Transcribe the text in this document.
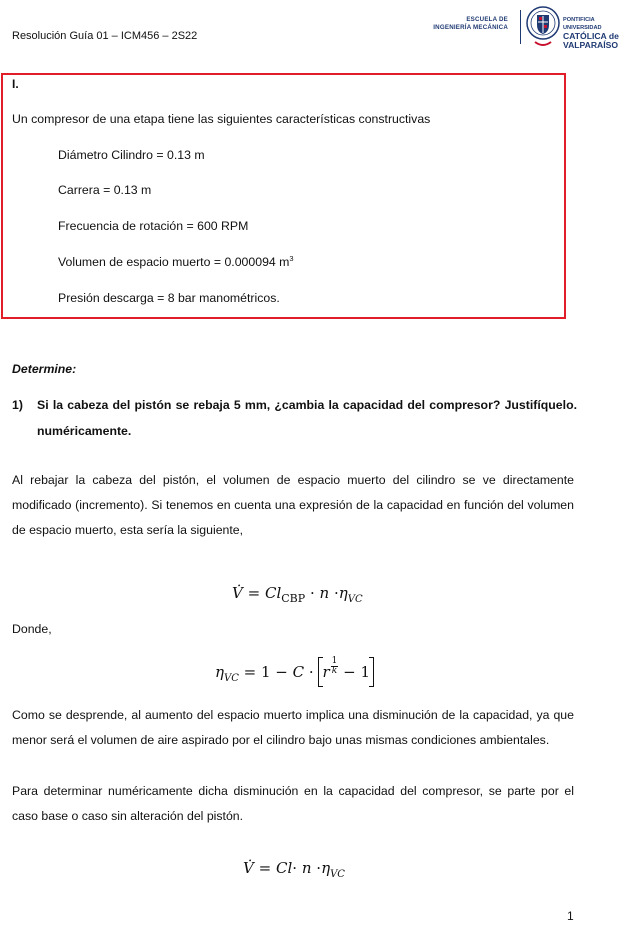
Resolución Guía 01 – ICM456 – 2S22
ESCUELA DE
INGENIERÍA MECÁNICA
PONTIFICIA
UNIVERSIDAD
CATÓLICA de
VALPARAÍSO
I.
Un compresor de una etapa tiene las siguientes características constructivas
Diámetro Cilindro = 0.13 m
Carrera = 0.13 m
Frecuencia de rotación = 600 RPM
Volumen de espacio muerto = 0.000094 $m^3$
Presión descarga = 8 bar manométricos.
Determine:
1) Si la cabeza del pistón se rebaja 5 mm, ¿cambia la capacidad del compresor? Justifíquelo. numéricamente.
Al rebajar la cabeza del pistón, el volumen de espacio muerto del cilindro se ve directamente modificado (incremento). Si tenemos en cuenta una expresión de la capacidad en función del volumen de espacio muerto, esta sería la siguiente,
V̇ = $Cl_{CBP} \cdot n \cdot\eta_{VC}$
Donde,
$\eta_{VC} = 1 - C \cdot r \frac{1}{k} - 1$
Como se desprende, al aumento del espacio muerto implica una disminución de la capacidad, ya que menor será el volumen de aire aspirado por el cilindro bajo unas mismas condiciones ambientales.
Para determinar numéricamente dicha disminución en la capacidad del compresor, se parte por el caso base o caso sin alteración del pistón.
V̇ = $Cl\cdot n \cdot\eta_{VC}$
1
